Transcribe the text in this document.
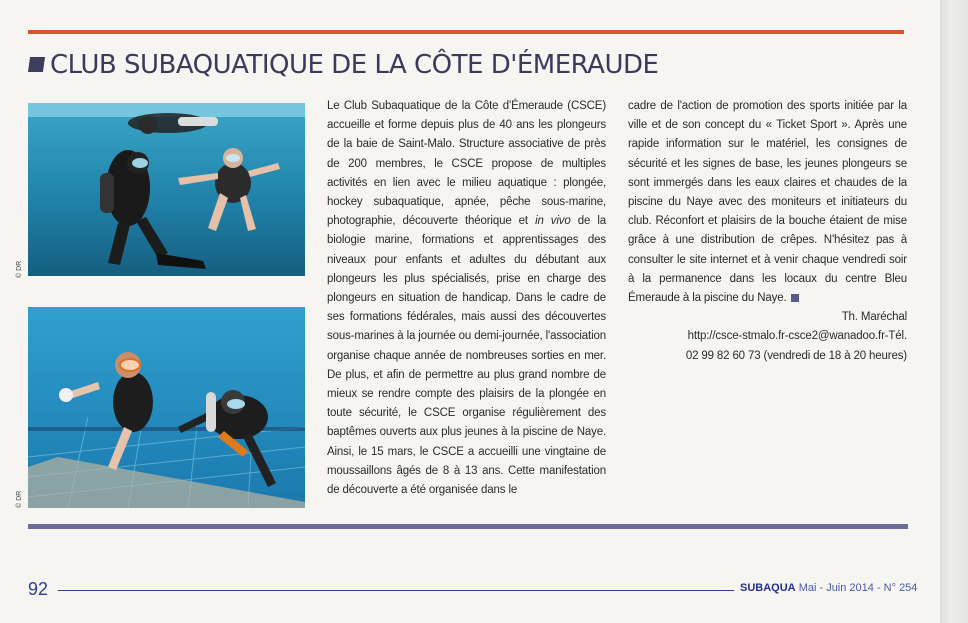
CLUB SUBAQUATIQUE DE LA CÔTE D'ÉMERAUDE
© DR
© DR

Le Club Subaquatique de la Côte d'Émeraude (CSCE) accueille et forme depuis plus de 40 ans les plongeurs de la baie de Saint-Malo. Structure associative de près de 200 membres, le CSCE propose de multiples activités en lien avec le milieu aquatique : plongée, hockey subaquatique, apnée, pêche sous-marine, photographie, découverte théorique et in vivo de la biologie marine, formations et apprentissages des niveaux pour enfants et adultes du débutant aux plongeurs les plus spécialisés, prise en charge des plongeurs en situation de handicap. Dans le cadre de ses formations fédérales, mais aussi des découvertes sous-marines à la journée ou demi-journée, l'association organise chaque année de nombreuses sorties en mer. De plus, et afin de permettre au plus grand nombre de mieux se rendre compte des plaisirs de la plongée en toute sécurité, le CSCE organise régulièrement des baptêmes ouverts aux plus jeunes à la piscine de Naye. Ainsi, le 15 mars, le CSCE a accueilli une vingtaine de moussaillons âgés de 8 à 13 ans. Cette manifestation de découverte a été organisée dans le

cadre de l'action de promotion des sports initiée par la ville et de son concept du « Ticket Sport ». Après une rapide information sur le matériel, les consignes de sécurité et les signes de base, les jeunes plongeurs se sont immergés dans les eaux claires et chaudes de la piscine du Naye avec des moniteurs et initiateurs du club. Réconfort et plaisirs de la bouche étaient de mise grâce à une distribution de crêpes. N'hésitez pas à consulter le site internet et à venir chaque vendredi soir à la permanence dans les locaux du centre Bleu Émeraude à la piscine du Naye.

Th. Maréchal

http://csce-stmalo.fr-csce2@wanadoo.fr-Tél.

02 99 82 60 73 (vendredi de 18 à 20 heures)

92	SUBAQUA Mai - Juin 2014 - N° 254
